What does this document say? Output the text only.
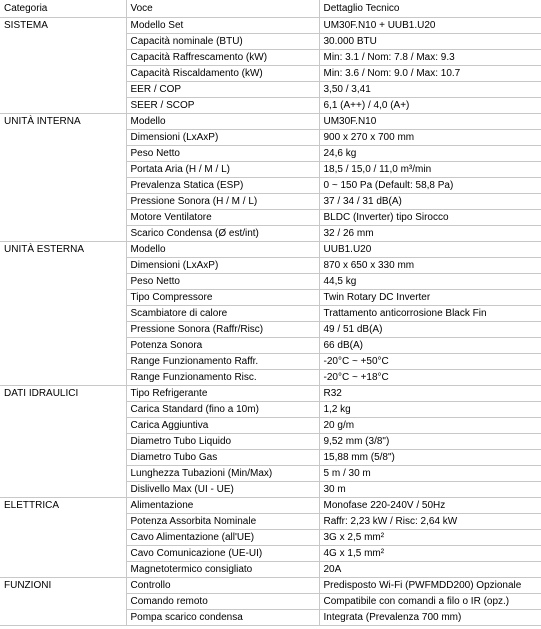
Categoria	Voce	Dettaglio Tecnico
SISTEMA	Modello Set	UM30F.N10 + UUB1.U20
	Capacità nominale (BTU)	30.000 BTU
	Capacità Raffrescamento (kW)	Min: 3.1 / Nom: 7.8 / Max: 9.3
	Capacità Riscaldamento (kW)	Min: 3.6 / Nom: 9.0 / Max: 10.7
	EER / COP	3,50 / 3,41
	SEER / SCOP	6,1 (A++) / 4,0 (A+)
UNITÀ INTERNA	Modello	UM30F.N10
	Dimensioni (LxAxP)	900 x 270 x 700 mm
	Peso Netto	24,6 kg
	Portata Aria (H / M / L)	18,5 / 15,0 / 11,0 m³/min
	Prevalenza Statica (ESP)	0 ~ 150 Pa (Default: 58,8 Pa)
	Pressione Sonora (H / M / L)	37 / 34 / 31 dB(A)
	Motore Ventilatore	BLDC (Inverter) tipo Sirocco
	Scarico Condensa (Ø est/int)	32 / 26 mm
UNITÀ ESTERNA	Modello	UUB1.U20
	Dimensioni (LxAxP)	870 x 650 x 330 mm
	Peso Netto	44,5 kg
	Tipo Compressore	Twin Rotary DC Inverter
	Scambiatore di calore	Trattamento anticorrosione Black Fin
	Pressione Sonora (Raffr/Risc)	49 / 51 dB(A)
	Potenza Sonora	66 dB(A)
	Range Funzionamento Raffr.	-20°C ~ +50°C
	Range Funzionamento Risc.	-20°C ~ +18°C
DATI IDRAULICI	Tipo Refrigerante	R32
	Carica Standard (fino a 10m)	1,2 kg
	Carica Aggiuntiva	20 g/m
	Diametro Tubo Liquido	9,52 mm (3/8")
	Diametro Tubo Gas	15,88 mm (5/8")
	Lunghezza Tubazioni (Min/Max)	5 m / 30 m
	Dislivello Max (UI - UE)	30 m
ELETTRICA	Alimentazione	Monofase 220-240V / 50Hz
	Potenza Assorbita Nominale	Raffr: 2,23 kW / Risc: 2,64 kW
	Cavo Alimentazione (all'UE)	3G x 2,5 mm²
	Cavo Comunicazione (UE-UI)	4G x 1,5 mm²
	Magnetotermico consigliato	20A
FUNZIONI	Controllo	Predisposto Wi-Fi (PWFMDD200) Opzionale
	Comando remoto	Compatibile con comandi a filo o IR (opz.)
	Pompa scarico condensa	Integrata (Prevalenza 700 mm)
